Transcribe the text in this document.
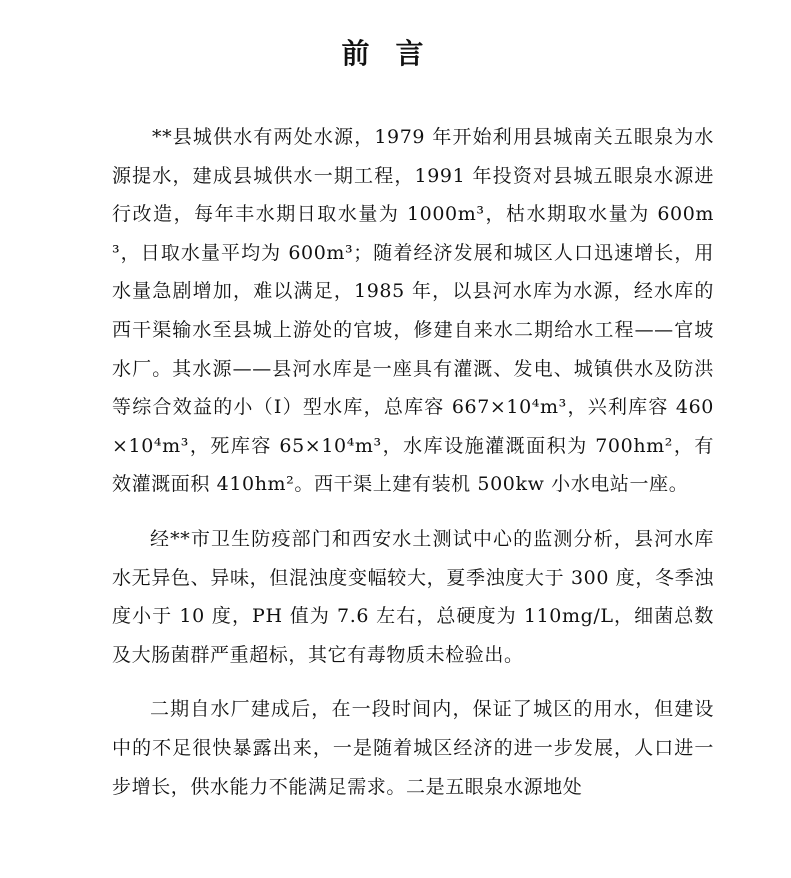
前言

**县城供水有两处水源，1979 年开始利用县城南关五眼泉为水源提水，建成县城供水一期工程，1991 年投资对县城五眼泉水源进行改造，每年丰水期日取水量为 1000m³，枯水期取水量为 600m³，日取水量平均为 600m³；随着经济发展和城区人口迅速增长，用水量急剧增加，难以满足，1985 年，以县河水库为水源，经水库的西干渠输水至县城上游处的官坡，修建自来水二期给水工程——官坡水厂。其水源——县河水库是一座具有灌溉、发电、城镇供水及防洪等综合效益的小（I）型水库，总库容 667×10⁴m³，兴利库容 460×10⁴m³，死库容 65×10⁴m³，水库设施灌溉面积为 700hm²，有效灌溉面积 410hm²。西干渠上建有装机 500kw 小水电站一座。

经**市卫生防疫部门和西安水土测试中心的监测分析，县河水库水无异色、异味，但混浊度变幅较大，夏季浊度大于 300 度，冬季浊度小于 10 度，PH 值为 7.6 左右，总硬度为 110mg/L，细菌总数及大肠菌群严重超标，其它有毒物质未检验出。

二期自水厂建成后，在一段时间内，保证了城区的用水，但建设中的不足很快暴露出来，一是随着城区经济的进一步发展，人口进一步增长，供水能力不能满足需求。二是五眼泉水源地处
